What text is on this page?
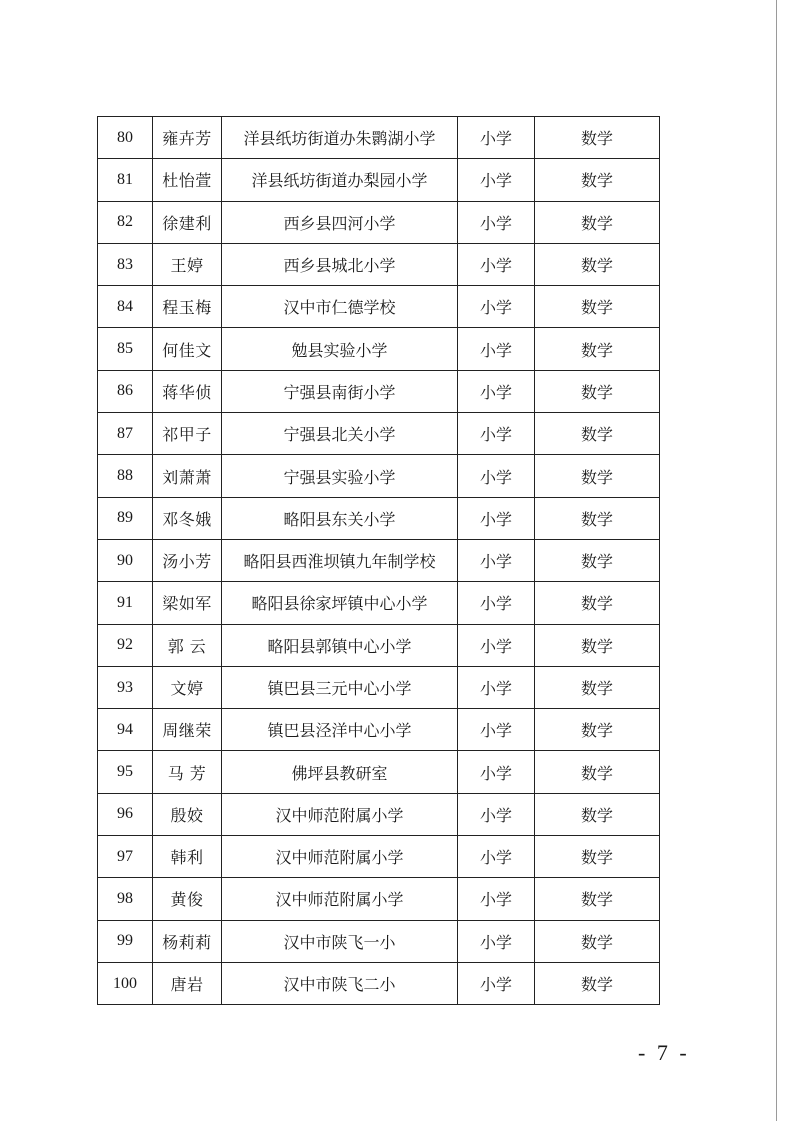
80	雍卉芳	洋县纸坊街道办朱鹮湖小学	小学	数学
81	杜怡萱	洋县纸坊街道办梨园小学	小学	数学
82	徐建利	西乡县四河小学	小学	数学
83	王婷	西乡县城北小学	小学	数学
84	程玉梅	汉中市仁德学校	小学	数学
85	何佳文	勉县实验小学	小学	数学
86	蒋华侦	宁强县南街小学	小学	数学
87	祁甲子	宁强县北关小学	小学	数学
88	刘萧萧	宁强县实验小学	小学	数学
89	邓冬娥	略阳县东关小学	小学	数学
90	汤小芳	略阳县西淮坝镇九年制学校	小学	数学
91	梁如军	略阳县徐家坪镇中心小学	小学	数学
92	郭 云	略阳县郭镇中心小学	小学	数学
93	文婷	镇巴县三元中心小学	小学	数学
94	周继荣	镇巴县泾洋中心小学	小学	数学
95	马 芳	佛坪县教研室	小学	数学
96	殷姣	汉中师范附属小学	小学	数学
97	韩利	汉中师范附属小学	小学	数学
98	黄俊	汉中师范附属小学	小学	数学
99	杨莉莉	汉中市陕飞一小	小学	数学
100	唐岩	汉中市陕飞二小	小学	数学
- 7 -
